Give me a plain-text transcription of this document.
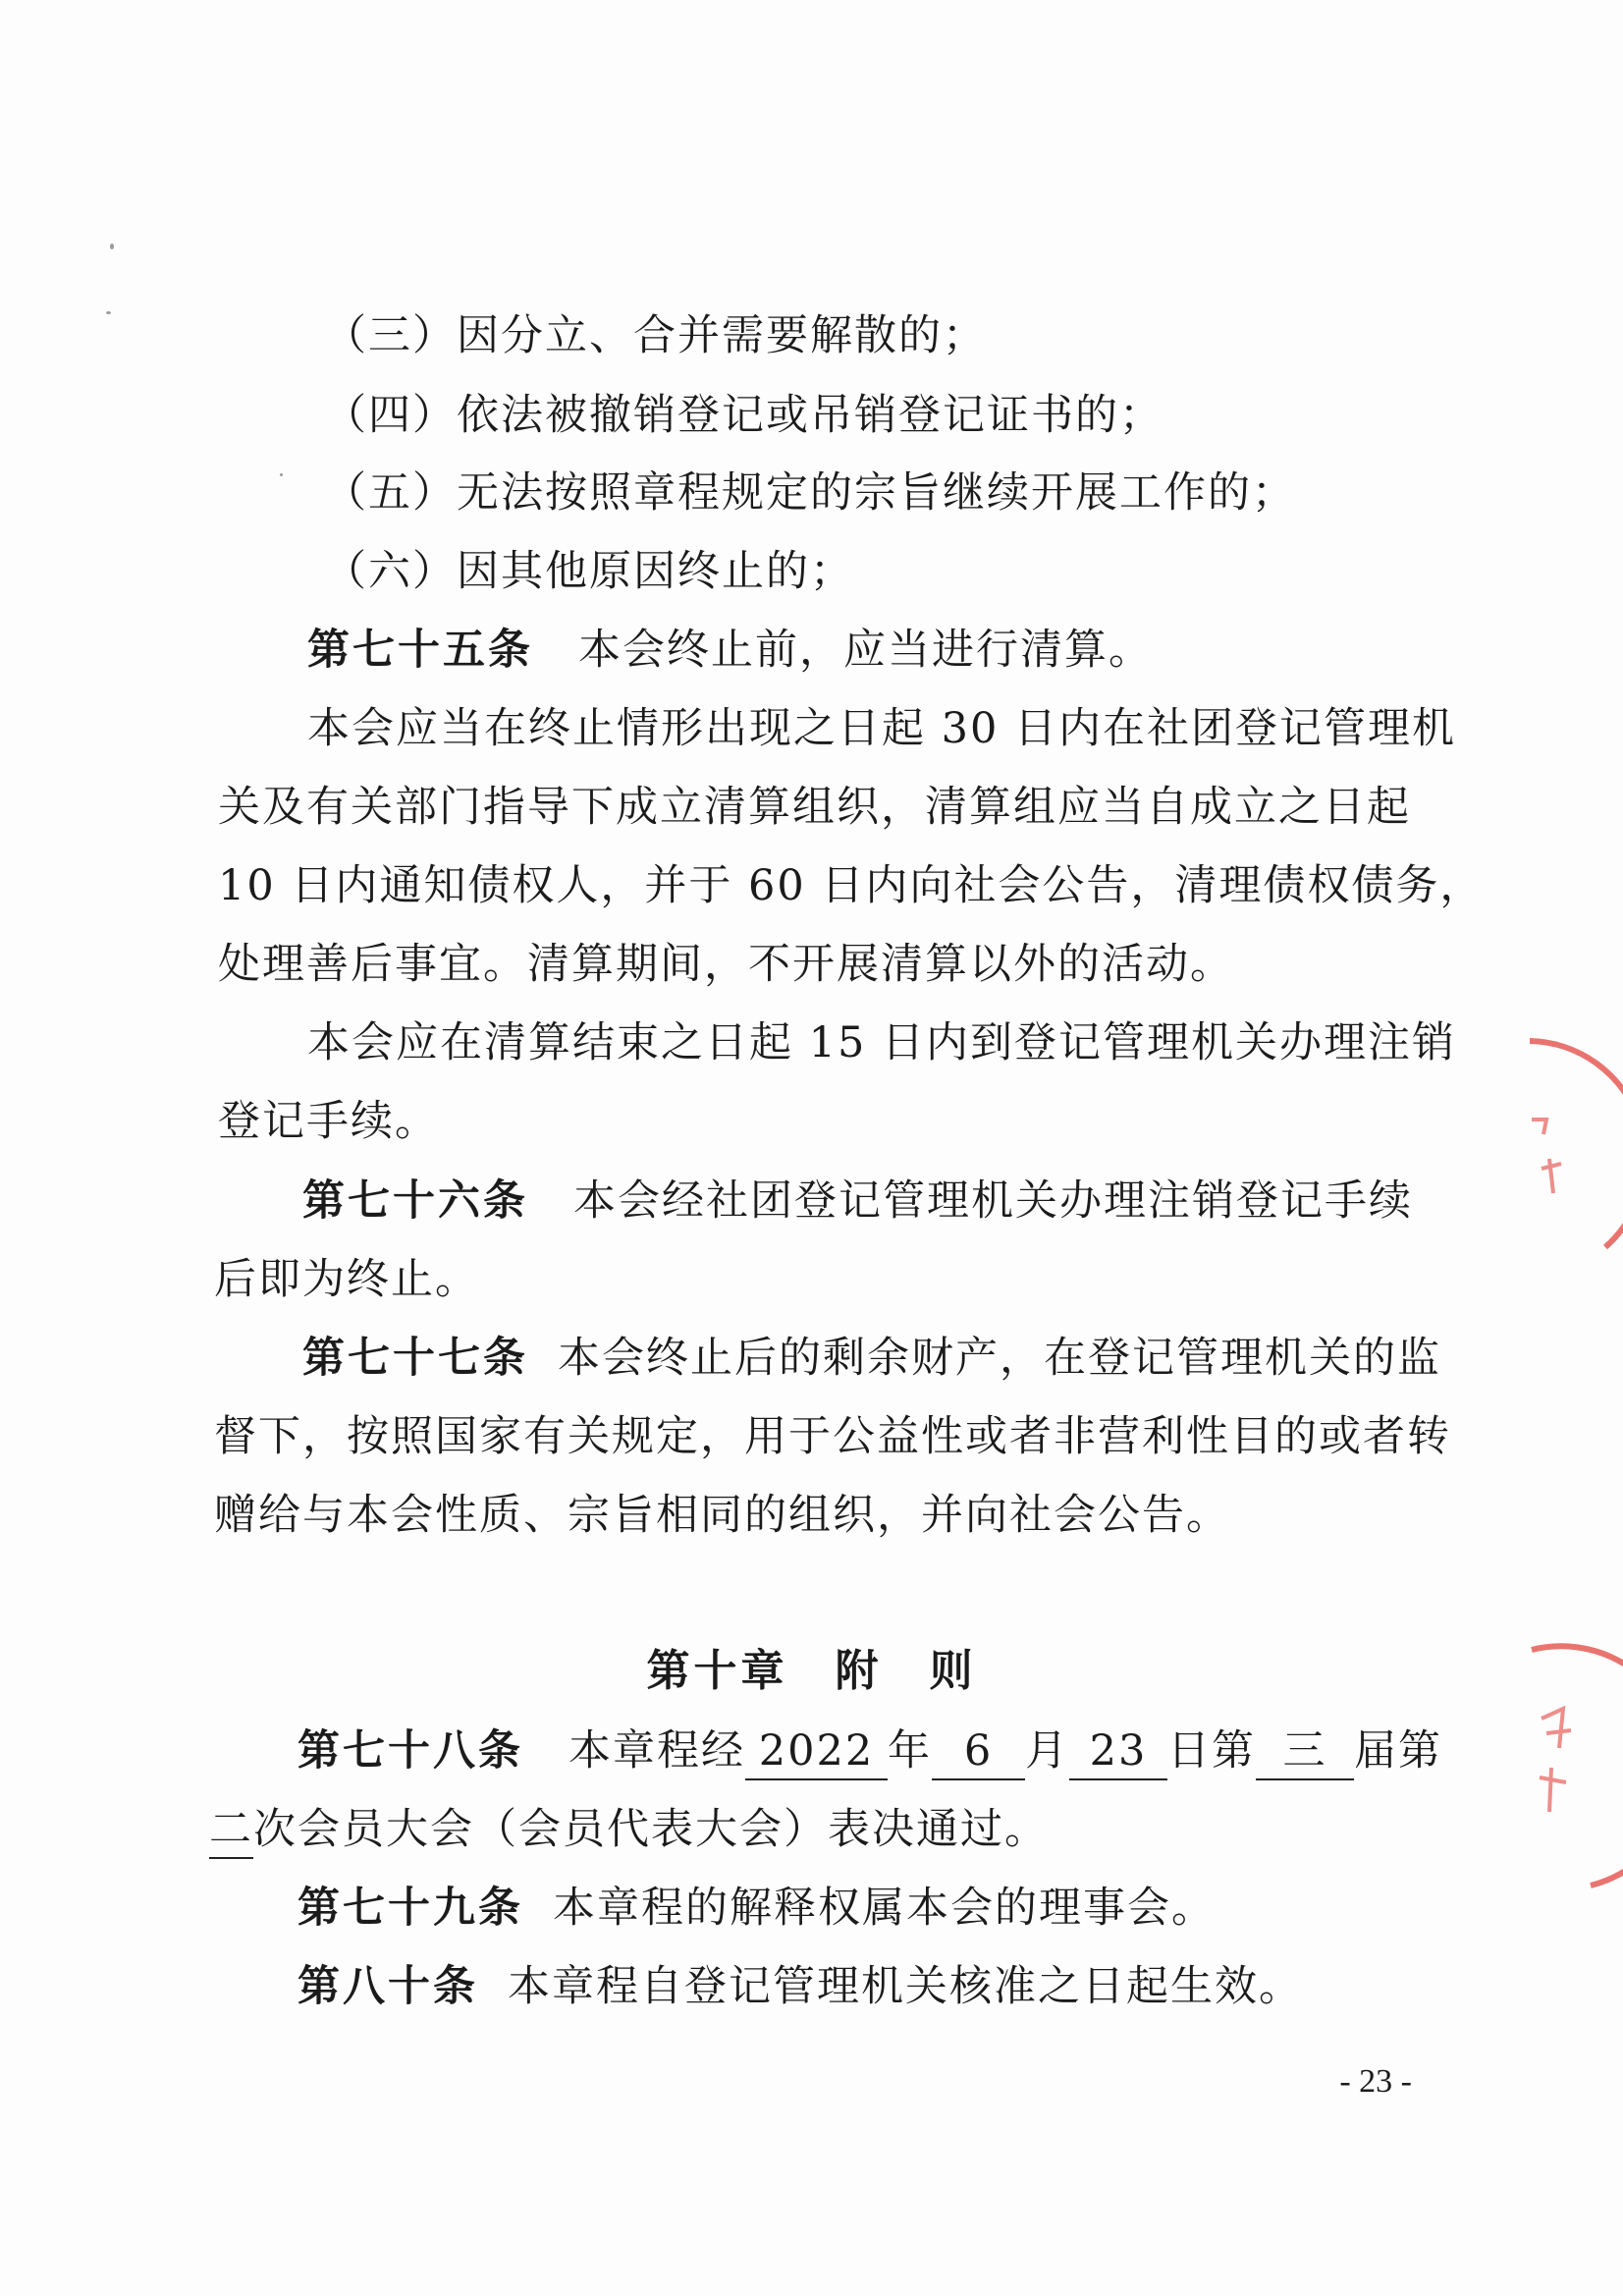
（三）因分立、合并需要解散的；
（四）依法被撤销登记或吊销登记证书的；
（五）无法按照章程规定的宗旨继续开展工作的；
（六）因其他原因终止的；
第七十五条 本会终止前，应当进行清算。
本会应当在终止情形出现之日起 30 日内在社团登记管理机
关及有关部门指导下成立清算组织，清算组应当自成立之日起
10 日内通知债权人，并于 60 日内向社会公告，清理债权债务，
处理善后事宜。清算期间，不开展清算以外的活动。
本会应在清算结束之日起 15 日内到登记管理机关办理注销
登记手续。
第七十六条 本会经社团登记管理机关办理注销登记手续
后即为终止。
第七十七条 本会终止后的剩余财产，在登记管理机关的监
督下，按照国家有关规定，用于公益性或者非营利性目的或者转
赠给与本会性质、宗旨相同的组织，并向社会公告。
第十章　附　则
第七十八条 本章程经 2022 年 6 月 23 日第 三 届第
二次会员大会（会员代表大会）表决通过。
第七十九条 本章程的解释权属本会的理事会。
第八十条 本章程自登记管理机关核准之日起生效。
- 23 -
